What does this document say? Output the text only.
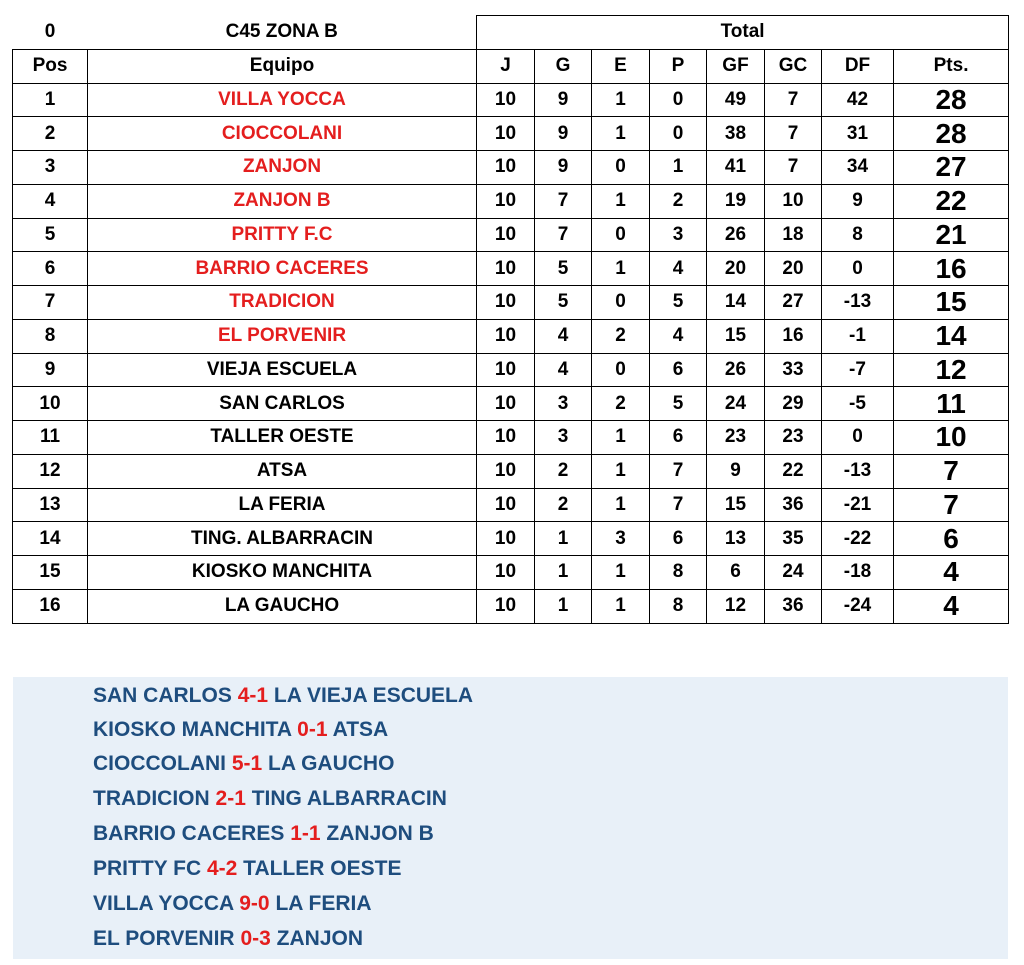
0	C45 ZONA B	Total							
Pos	Equipo	J	G	E	P	GF	GC	DF	Pts.
1	VILLA YOCCA	10	9	1	0	49	7	42	28
2	CIOCCOLANI	10	9	1	0	38	7	31	28
3	ZANJON	10	9	0	1	41	7	34	27
4	ZANJON B	10	7	1	2	19	10	9	22
5	PRITTY F.C	10	7	0	3	26	18	8	21
6	BARRIO CACERES	10	5	1	4	20	20	0	16
7	TRADICION	10	5	0	5	14	27	-13	15
8	EL PORVENIR	10	4	2	4	15	16	-1	14
9	VIEJA ESCUELA	10	4	0	6	26	33	-7	12
10	SAN CARLOS	10	3	2	5	24	29	-5	11
11	TALLER OESTE	10	3	1	6	23	23	0	10
12	ATSA	10	2	1	7	9	22	-13	7
13	LA FERIA	10	2	1	7	15	36	-21	7
14	TING. ALBARRACIN	10	1	3	6	13	35	-22	6
15	KIOSKO MANCHITA	10	1	1	8	6	24	-18	4
16	LA GAUCHO	10	1	1	8	12	36	-24	4
SAN CARLOS 4-1 LA VIEJA ESCUELA
KIOSKO MANCHITA 0-1 ATSA
CIOCCOLANI 5-1 LA GAUCHO
TRADICION 2-1 TING ALBARRACIN
BARRIO CACERES 1-1 ZANJON B
PRITTY FC 4-2 TALLER OESTE
VILLA YOCCA 9-0 LA FERIA
EL PORVENIR 0-3 ZANJON
